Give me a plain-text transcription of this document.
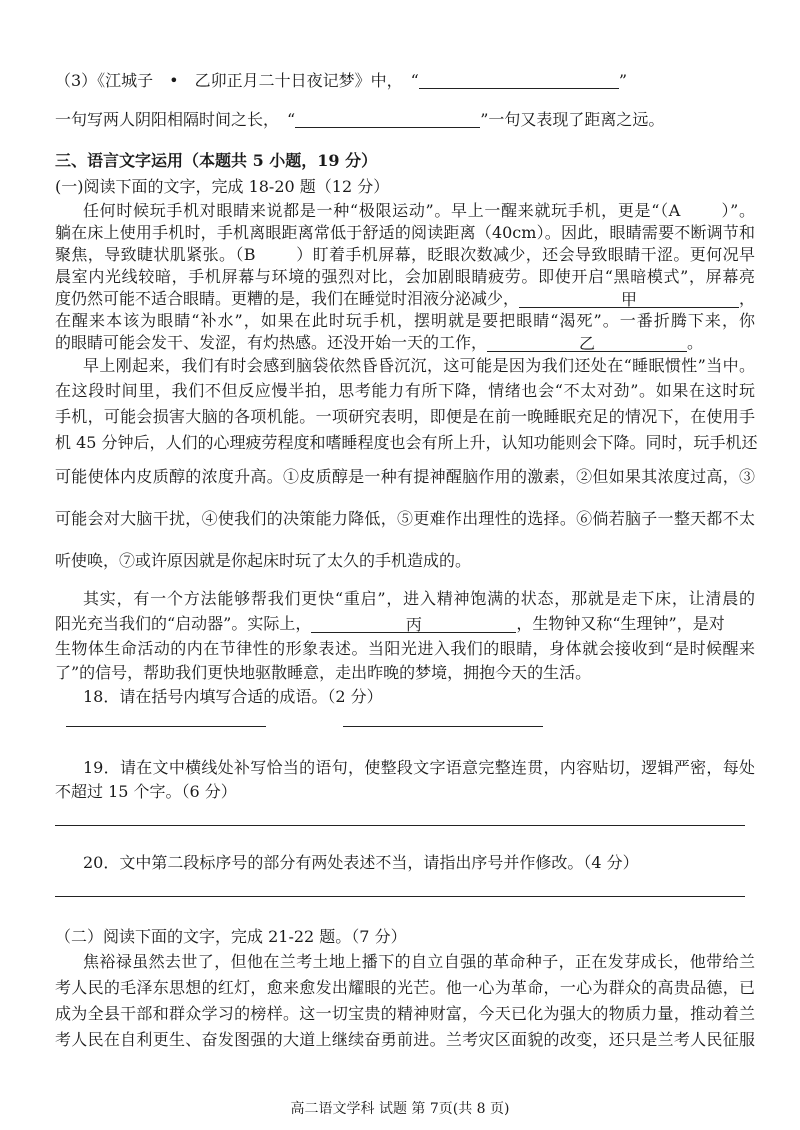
（3）《江城子　•　乙卯正月二十日夜记梦》中，　“	”
一句写两人阴阳相隔时间之长，　“	”一句又表现了距离之远。
三、语言文字运用（本题共 5 小题，19 分）
(一)阅读下面的文字，完成 18-20 题（12 分）
任何时候玩手机对眼睛来说都是一种“极限运动”。早上一醒来就玩手机，更是“（A	）”。
躺在床上使用手机时，手机离眼距离常低于舒适的阅读距离（40cm）。因此，眼睛需要不断调节和
聚焦，导致睫状肌紧张。（B	）盯着手机屏幕，眨眼次数减少，还会导致眼睛干涩。更何况早
晨室内光线较暗，手机屏幕与环境的强烈对比，会加剧眼睛疲劳。即使开启“黑暗模式”，屏幕亮
度仍然可能不适合眼睛。更糟的是，我们在睡觉时泪液分泌减少，	甲	，
在醒来本该为眼睛“补水”，如果在此时玩手机，摆明就是要把眼睛“渴死”。一番折腾下来，你
的眼睛可能会发干、发涩，有灼热感。还没开始一天的工作，	乙	。
早上刚起来，我们有时会感到脑袋依然昏昏沉沉，这可能是因为我们还处在“睡眠惯性”当中。
在这段时间里，我们不但反应慢半拍，思考能力有所下降，情绪也会“不太对劲”。如果在这时玩
手机，可能会损害大脑的各项机能。一项研究表明，即便是在前一晚睡眠充足的情况下，在使用手
机 45 分钟后，人们的心理疲劳程度和嗜睡程度也会有所上升，认知功能则会下降。同时，玩手机还
可能使体内皮质醇的浓度升高。①皮质醇是一种有提神醒脑作用的激素，②但如果其浓度过高，③
可能会对大脑干扰，④使我们的决策能力降低，⑤更难作出理性的选择。⑥倘若脑子一整天都不太
听使唤，⑦或许原因就是你起床时玩了太久的手机造成的。
其实，有一个方法能够帮我们更快“重启”，进入精神饱满的状态，那就是走下床，让清晨的
阳光充当我们的“启动器”。实际上，	丙	，生物钟又称“生理钟”，是对
生物体生命活动的内在节律性的形象表述。当阳光进入我们的眼睛，身体就会接收到“是时候醒来
了”的信号，帮助我们更快地驱散睡意，走出昨晚的梦境，拥抱今天的生活。
18．请在括号内填写合适的成语。（2 分）
19．请在文中横线处补写恰当的语句，使整段文字语意完整连贯，内容贴切，逻辑严密，每处
不超过 15 个字。（6 分）
20．文中第二段标序号的部分有两处表述不当，请指出序号并作修改。（4 分）
（二）阅读下面的文字，完成 21-22 题。（7 分）
焦裕禄虽然去世了，但他在兰考土地上播下的自立自强的革命种子，正在发芽成长，他带给兰
考人民的毛泽东思想的红灯，愈来愈发出耀眼的光芒。他一心为革命，一心为群众的高贵品德，已
成为全县干部和群众学习的榜样。这一切宝贵的精神财富，今天已化为强大的物质力量，推动着兰
考人民在自利更生、奋发图强的大道上继续奋勇前进。兰考灾区面貌的改变，还只是兰考人民征服
高二语文学科 试题 第 7页(共 8 页)
